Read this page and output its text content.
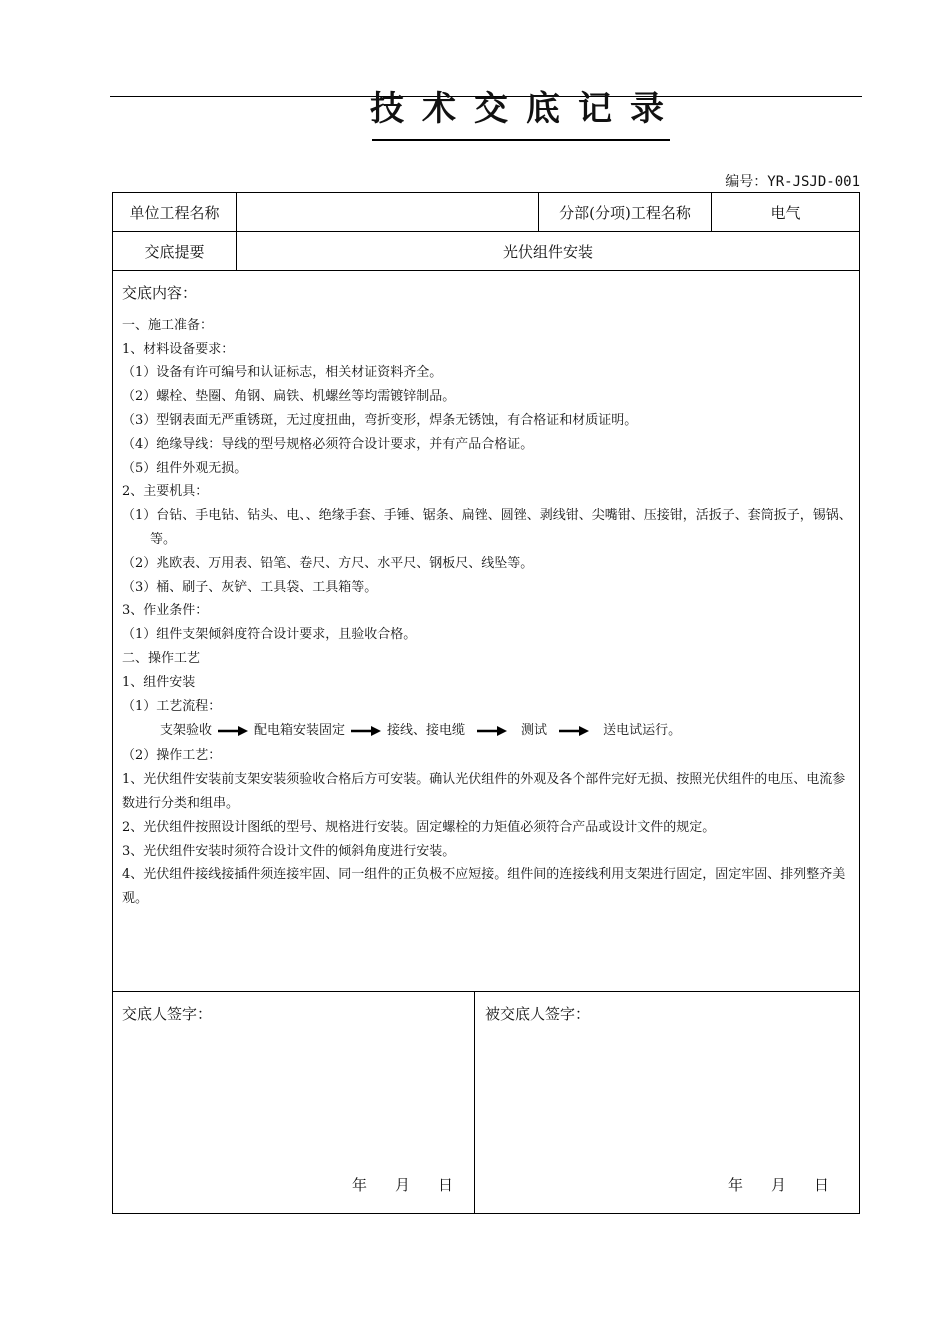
技术交底记录
编号：YR-JSJD-001
单位工程名称	分部(分项)工程名称	电气
交底提要	光伏组件安装

交底内容：

一、施工准备：

1、材料设备要求：

（1）设备有许可编号和认证标志，相关材证资料齐全。

（2）螺栓、垫圈、角钢、扁铁、机螺丝等均需镀锌制品。

（3）型钢表面无严重锈斑，无过度扭曲，弯折变形，焊条无锈蚀，有合格证和材质证明。

（4）绝缘导线：导线的型号规格必须符合设计要求，并有产品合格证。

（5）组件外观无损。

2、主要机具：

（1）台钻、手电钻、钻头、电、、绝缘手套、手锤、锯条、扁锉、圆锉、剥线钳、尖嘴钳、压接钳，活扳子、套筒扳子，锡锅、等。

（2）兆欧表、万用表、铅笔、卷尺、方尺、水平尺、钢板尺、线坠等。

（3）桶、刷子、灰铲、工具袋、工具箱等。

3、作业条件：

（1）组件支架倾斜度符合设计要求，且验收合格。

二、操作工艺

1、组件安装

（1）工艺流程：

支架验收	配电箱安装固定	接线、接电缆	测试	送电试运行。

（2）操作工艺：

1、光伏组件安装前支架安装须验收合格后方可安装。确认光伏组件的外观及各个部件完好无损、按照光伏组件的电压、电流参数进行分类和组串。

2、光伏组件按照设计图纸的型号、规格进行安装。固定螺栓的力矩值必须符合产品或设计文件的规定。

3、光伏组件安装时须符合设计文件的倾斜角度进行安装。

4、光伏组件接线接插件须连接牢固、同一组件的正负极不应短接。组件间的连接线利用支架进行固定，固定牢固、排列整齐美观。

交底人签字：	被交底人签字：
年 月 日	年 月 日
